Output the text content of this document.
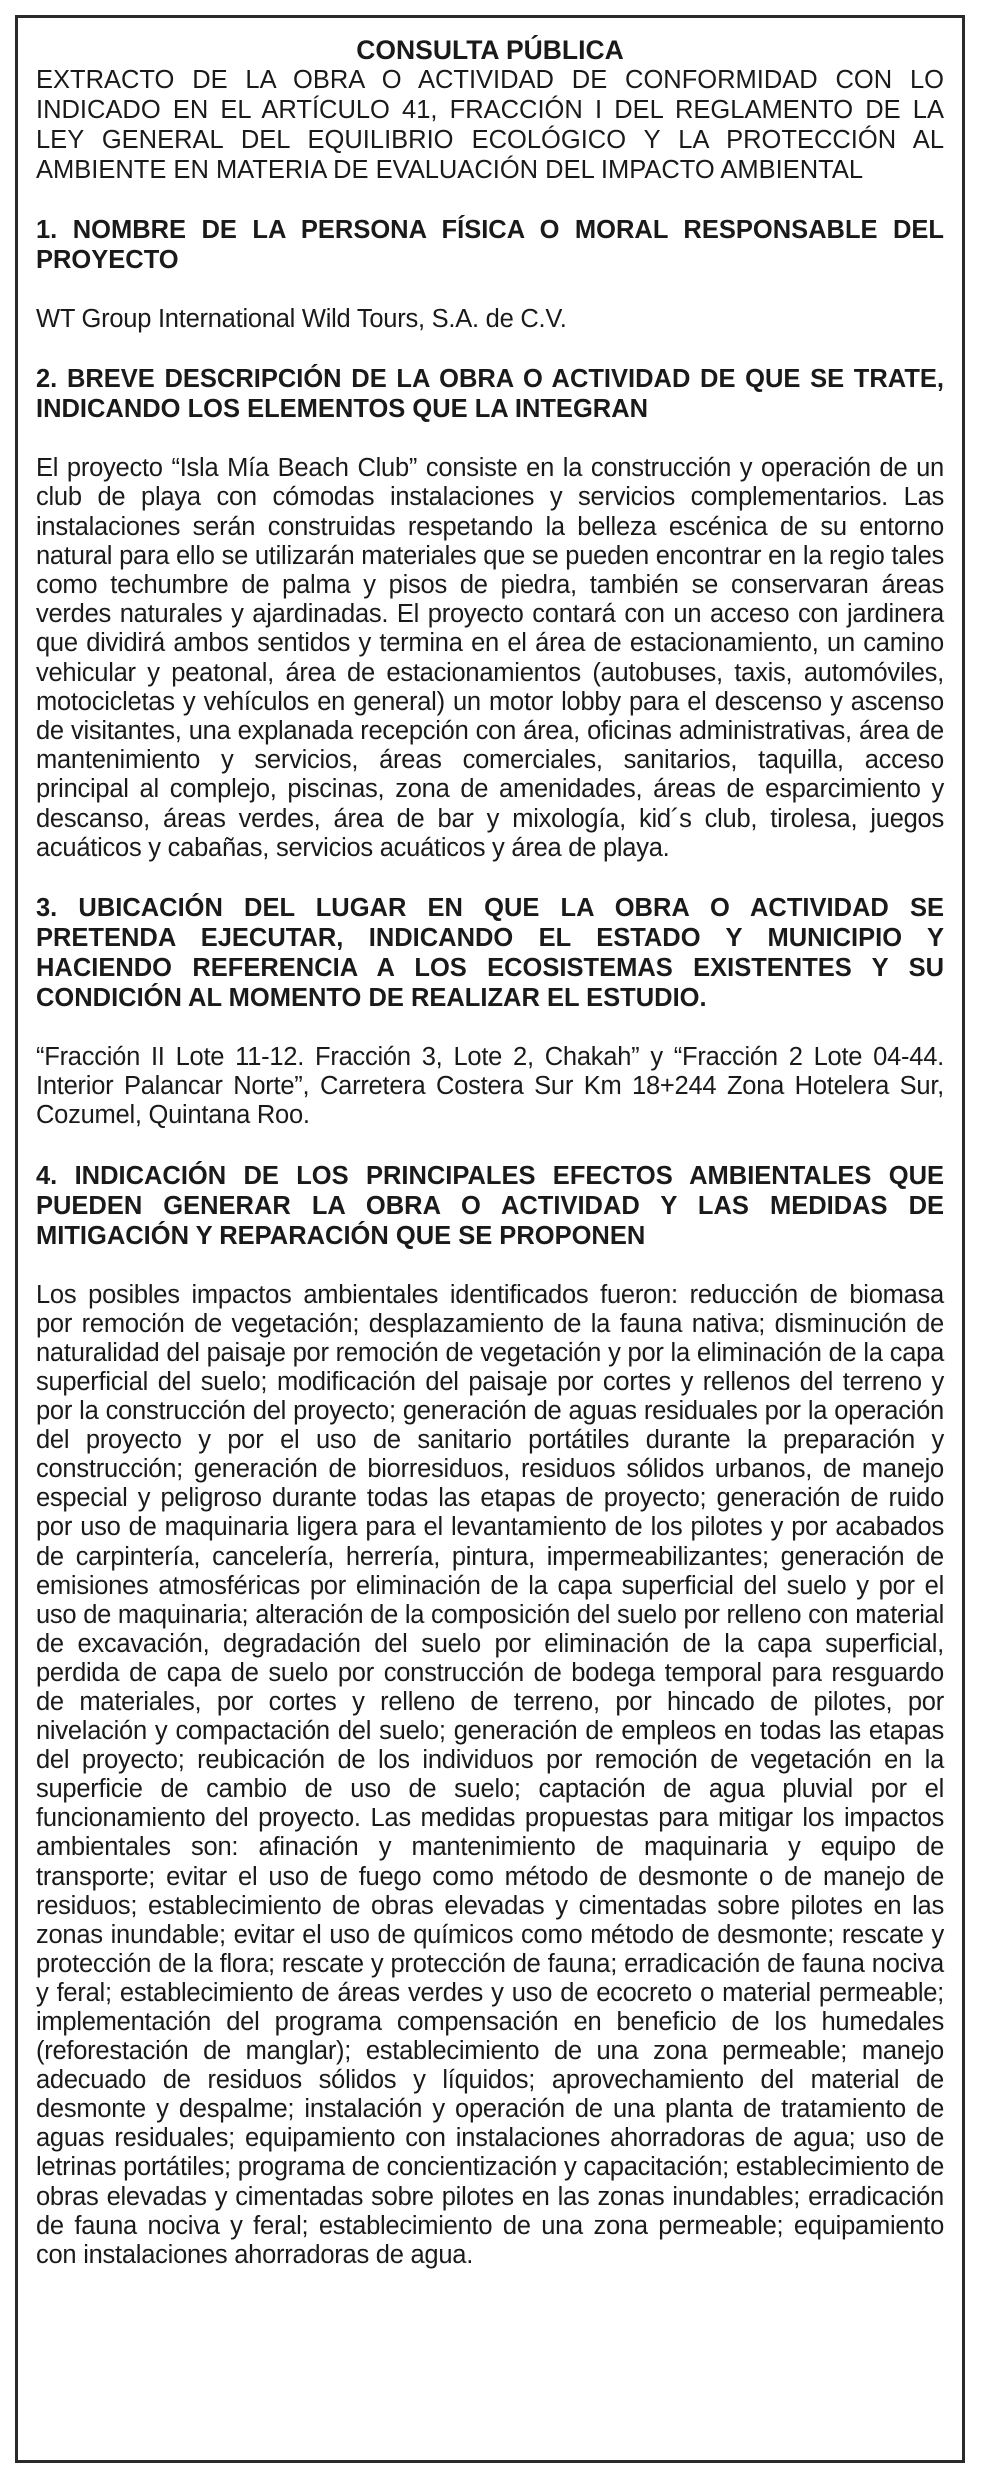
CONSULTA PÚBLICA

EXTRACTO DE LA OBRA O ACTIVIDAD DE CONFORMIDAD CON LO INDICADO EN EL ARTÍCULO 41, FRACCIÓN I DEL REGLAMENTO DE LA LEY GENERAL DEL EQUILIBRIO ECOLÓGICO Y LA PROTECCIÓN AL AMBIENTE EN MATERIA DE EVALUACIÓN DEL IMPACTO AMBIENTAL

1. NOMBRE DE LA PERSONA FÍSICA O MORAL RESPONSABLE DEL PROYECTO

WT Group International Wild Tours, S.A. de C.V.

2. BREVE DESCRIPCIÓN DE LA OBRA O ACTIVIDAD DE QUE SE TRATE, INDICANDO LOS ELEMENTOS QUE LA INTEGRAN

El proyecto “Isla Mía Beach Club” consiste en la construcción y operación de un club de playa con cómodas instalaciones y servicios complementarios. Las instalaciones serán construidas respetando la belleza escénica de su entorno natural para ello se utilizarán materiales que se pueden encontrar en la regio tales como techumbre de palma y pisos de piedra, también se conservaran áreas verdes naturales y ajardinadas. El proyecto contará con un acceso con jardinera que dividirá ambos sentidos y termina en el área de estacionamiento, un camino vehicular y peatonal, área de estacionamientos (autobuses, taxis, automóviles, motocicletas y vehículos en general) un motor lobby para el descenso y ascenso de visitantes, una explanada recepción con área, oficinas administrativas, área de mantenimiento y servicios, áreas comerciales, sanitarios, taquilla, acceso principal al complejo, piscinas, zona de amenidades, áreas de esparcimiento y descanso, áreas verdes, área de bar y mixología, kid´s club, tirolesa, juegos acuáticos y cabañas, servicios acuáticos y área de playa.

3. UBICACIÓN DEL LUGAR EN QUE LA OBRA O ACTIVIDAD SE PRETENDA EJECUTAR, INDICANDO EL ESTADO Y MUNICIPIO Y HACIENDO REFERENCIA A LOS ECOSISTEMAS EXISTENTES Y SU CONDICIÓN AL MOMENTO DE REALIZAR EL ESTUDIO.

“Fracción II Lote 11-12. Fracción 3, Lote 2, Chakah” y “Fracción 2 Lote 04-44. Interior Palancar Norte”, Carretera Costera Sur Km 18+244 Zona Hotelera Sur, Cozumel, Quintana Roo.

4. INDICACIÓN DE LOS PRINCIPALES EFECTOS AMBIENTALES QUE PUEDEN GENERAR LA OBRA O ACTIVIDAD Y LAS MEDIDAS DE MITIGACIÓN Y REPARACIÓN QUE SE PROPONEN

Los posibles impactos ambientales identificados fueron: reducción de biomasa por remoción de vegetación; desplazamiento de la fauna nativa; disminución de naturalidad del paisaje por remoción de vegetación y por la eliminación de la capa superficial del suelo; modificación del paisaje por cortes y rellenos del terreno y por la construcción del proyecto; generación de aguas residuales por la operación del proyecto y por el uso de sanitario portátiles durante la preparación y construcción; generación de biorresiduos, residuos sólidos urbanos, de manejo especial y peligroso durante todas las etapas de proyecto; generación de ruido por uso de maquinaria ligera para el levantamiento de los pilotes y por acabados de carpintería, cancelería, herrería, pintura, impermeabilizantes; generación de emisiones atmosféricas por eliminación de la capa superficial del suelo y por el uso de maquinaria; alteración de la composición del suelo por relleno con material de excavación, degradación del suelo por eliminación de la capa superficial, perdida de capa de suelo por construcción de bodega temporal para resguardo de materiales, por cortes y relleno de terreno, por hincado de pilotes, por nivelación y compactación del suelo; generación de empleos en todas las etapas del proyecto; reubicación de los individuos por remoción de vegetación en la superficie de cambio de uso de suelo; captación de agua pluvial por el funcionamiento del proyecto. Las medidas propuestas para mitigar los impactos ambientales son: afinación y mantenimiento de maquinaria y equipo de transporte; evitar el uso de fuego como método de desmonte o de manejo de residuos; establecimiento de obras elevadas y cimentadas sobre pilotes en las zonas inundable; evitar el uso de químicos como método de desmonte; rescate y protección de la flora; rescate y protección de fauna; erradicación de fauna nociva y feral; establecimiento de áreas verdes y uso de ecocreto o material permeable; implementación del programa compensación en beneficio de los humedales (reforestación de manglar); establecimiento de una zona permeable; manejo adecuado de residuos sólidos y líquidos; aprovechamiento del material de desmonte y despalme; instalación y operación de una planta de tratamiento de aguas residuales; equipamiento con instalaciones ahorradoras de agua; uso de letrinas portátiles; programa de concientización y capacitación; establecimiento de obras elevadas y cimentadas sobre pilotes en las zonas inundables; erradicación de fauna nociva y feral; establecimiento de una zona permeable; equipamiento con instalaciones ahorradoras de agua.
